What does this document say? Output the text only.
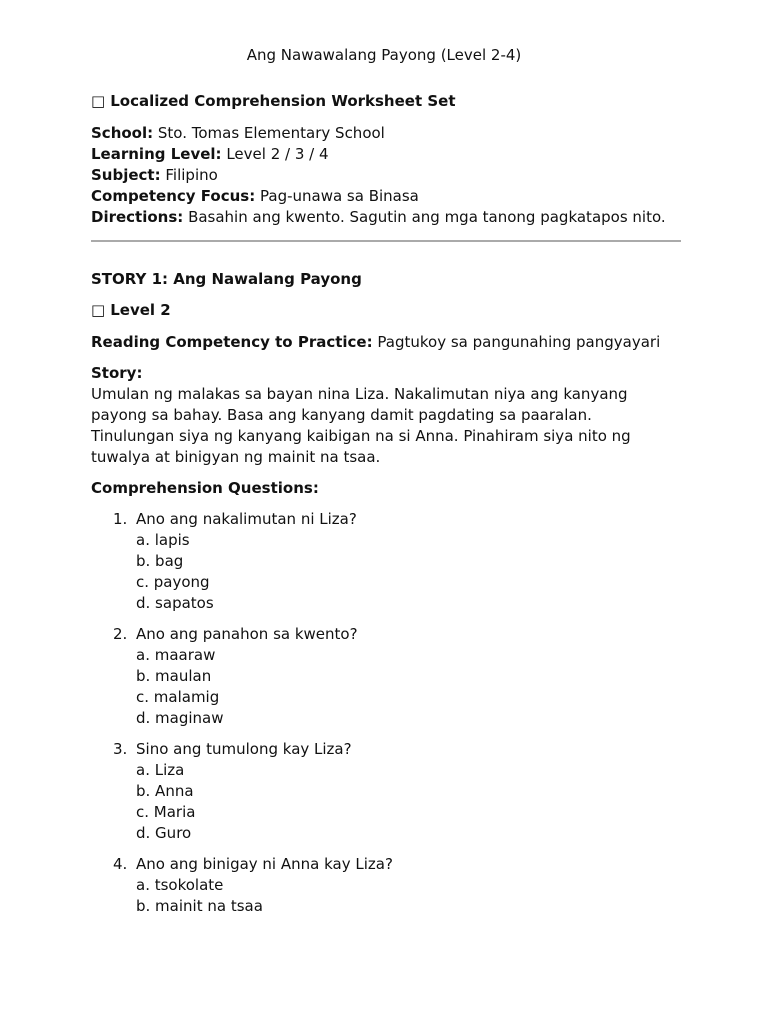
Ang Nawawalang Payong (Level 2-4)
□ Localized Comprehension Worksheet Set
School: Sto. Tomas Elementary School
Learning Level: Level 2 / 3 / 4
Subject: Filipino
Competency Focus: Pag-unawa sa Binasa
Directions: Basahin ang kwento. Sagutin ang mga tanong pagkatapos nito.
STORY 1: Ang Nawalang Payong
□ Level 2
Reading Competency to Practice: Pagtukoy sa pangunahing pangyayari
Story:
Umulan ng malakas sa bayan nina Liza. Nakalimutan niya ang kanyang
payong sa bahay. Basa ang kanyang damit pagdating sa paaralan.
Tinulungan siya ng kanyang kaibigan na si Anna. Pinahiram siya nito ng
tuwalya at binigyan ng mainit na tsaa.
Comprehension Questions:
1. Ano ang nakalimutan ni Liza?
a. lapis
b. bag
c. payong
d. sapatos
2. Ano ang panahon sa kwento?
a. maaraw
b. maulan
c. malamig
d. maginaw
3. Sino ang tumulong kay Liza?
a. Liza
b. Anna
c. Maria
d. Guro
4. Ano ang binigay ni Anna kay Liza?
a. tsokolate
b. mainit na tsaa
